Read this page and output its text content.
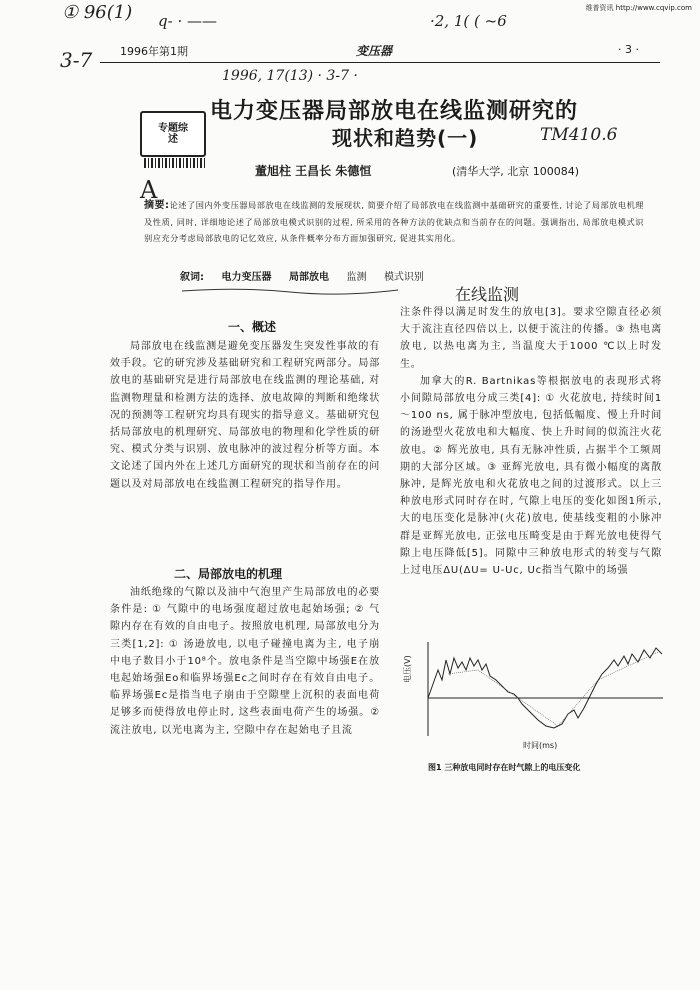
维普资讯 http://www.cqvip.com
1996年第1期	变压器	· 3 ·
① 96(1)
3-7
q- · ——	·2, 1( ( ~6
1996, 17(13) · 3-7 ·
TM410.6
A
专题综
述
电力变压器局部放电在线监测研究的
现状和趋势(一)
董旭柱 王昌长 朱德恒	(清华大学, 北京 100084)
摘要:论述了国内外变压器局部放电在线监测的发展现状, 简要介绍了局部放电在线监测中基础研究的重要性, 讨论了局部放电机理及性质, 同时, 详细地论述了局部放电模式识别的过程, 所采用的各种方法的优缺点和当前存在的问题。强调指出, 局部放电模式识别应充分考虑局部放电的记忆效应, 从条件概率分布方面加强研究, 促进其实用化。
叙词: 电力变压器 局部放电 监测 模式识别
在线监测
一、概述

局部放电在线监测是避免变压器发生突发性事故的有效手段。它的研究涉及基础研究和工程研究两部分。局部放电的基础研究是进行局部放电在线监测的理论基础, 对监测物理量和检测方法的选择、放电故障的判断和绝缘状况的预测等工程研究均具有现实的指导意义。基础研究包括局部放电的机理研究、局部放电的物理和化学性质的研究、模式分类与识别、放电脉冲的波过程分析等方面。本文论述了国内外在上述几方面研究的现状和当前存在的问题以及对局部放电在线监测工程研究的指导作用。

二、局部放电的机理

油纸绝缘的气隙以及油中气泡里产生局部放电的必要条件是: ① 气隙中的电场强度超过放电起始场强; ② 气隙内存在有效的自由电子。按照放电机理, 局部放电分为三类[1,2]: ① 汤逊放电, 以电子碰撞电离为主, 电子崩中电子数目小于10⁸个。放电条件是当空隙中场强E在放电起始场强Eo和临界场强Ec之间时存在有效自由电子。临界场强Ec是指当电子崩由于空隙壁上沉积的表面电荷足够多而使得放电停止时, 这些表面电荷产生的场强。② 流注放电, 以光电离为主, 空隙中存在起始电子且流

注条件得以满足时发生的放电[3]。要求空隙直径必须大于流注直径四倍以上, 以便于流注的传播。③ 热电离放电, 以热电离为主, 当温度大于1000 ℃以上时发生。

加拿大的R. Bartnikas等根据放电的表现形式将小间隙局部放电分成三类[4]: ① 火花放电, 持续时间1～100 ns, 属于脉冲型放电, 包括低幅度、慢上升时间的汤逊型火花放电和大幅度、快上升时间的似流注火花放电。② 辉光放电, 具有无脉冲性质, 占据半个工频周期的大部分区域。③ 亚辉光放电, 具有微小幅度的离散脉冲, 是辉光放电和火花放电之间的过渡形式。以上三种放电形式同时存在时, 气隙上电压的变化如图1所示, 大的电压变化是脉冲(火花)放电, 使基线变粗的小脉冲群是亚辉光放电, 正弦电压畸变是由于辉光放电使得气隙上电压降低[5]。同隙中三种放电形式的转变与气隙上过电压ΔU(ΔU= U-Uc, Uc指当气隙中的场强

电压(V)
时间(ms)
图1 三种放电同时存在时气隙上的电压变化
